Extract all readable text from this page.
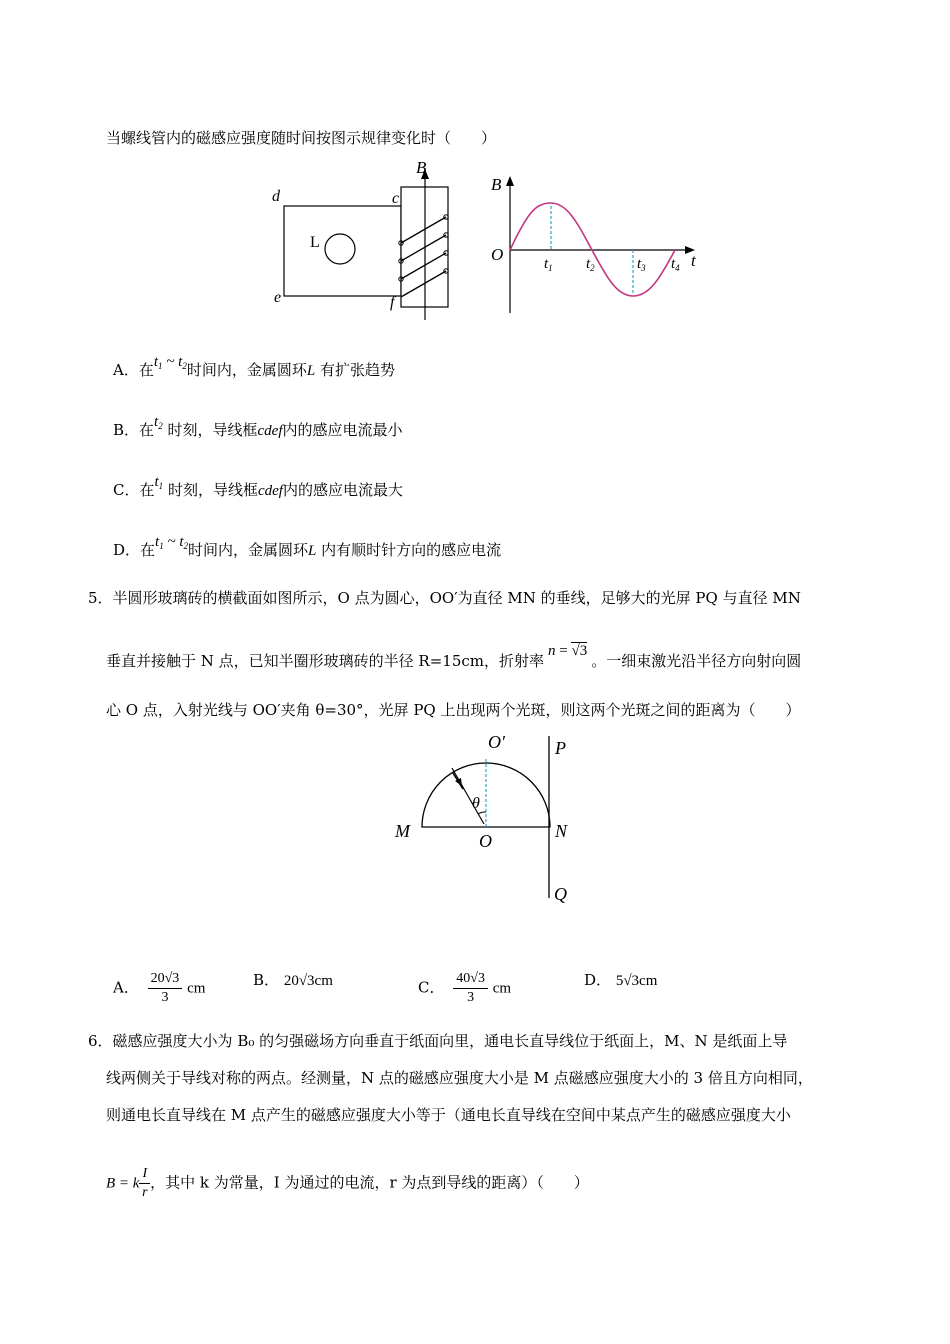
当螺线管内的磁感应强度随时间按图示规律变化时（　　）
B
c
d
e	f
L
B
O	t
$t_1$ $t_2$	$t_3$ $t_4$
A．在$t_1$ ~ $t_2$时间内，金属圆环L 有扩张趋势
B．在$t_2$ 时刻，导线框cdef内的感应电流最小
C．在$t_1$ 时刻，导线框cdef内的感应电流最大
D．在$t_1$ ~ $t_2$时间内，金属圆环L 内有顺时针方向的感应电流
5．半圆形玻璃砖的横截面如图所示，O 点为圆心，OO′为直径 MN 的垂线，足够大的光屏 PQ 与直径 MN
垂直并接触于 N 点，已知半圈形玻璃砖的半径 R=15cm，折射率n = √3。一细束激光沿半径方向射向圆
心 O 点，入射光线与 OO′夹角 θ=30°，光屏 PQ 上出现两个光斑，则这两个光斑之间的距离为（　　）
O′	P
θ
M	O	N
Q
A． $\frac{20√3}{3}$ cm	B． 20√3cm	C． $\frac{40√3}{3}$ cm	D． 5√3cm
6．磁感应强度大小为 B₀ 的匀强磁场方向垂直于纸面向里，通电长直导线位于纸面上，M、N 是纸面上导
线两侧关于导线对称的两点。经测量，N 点的磁感应强度大小是 M 点磁感应强度大小的 3 倍且方向相同，
则通电长直导线在 M 点产生的磁感应强度大小等于（通电长直导线在空间中某点产生的磁感应强度大小
B = k $\frac{I}{r}$ ，其中 k 为常量，I 为通过的电流，r 为点到导线的距离）（　　）
